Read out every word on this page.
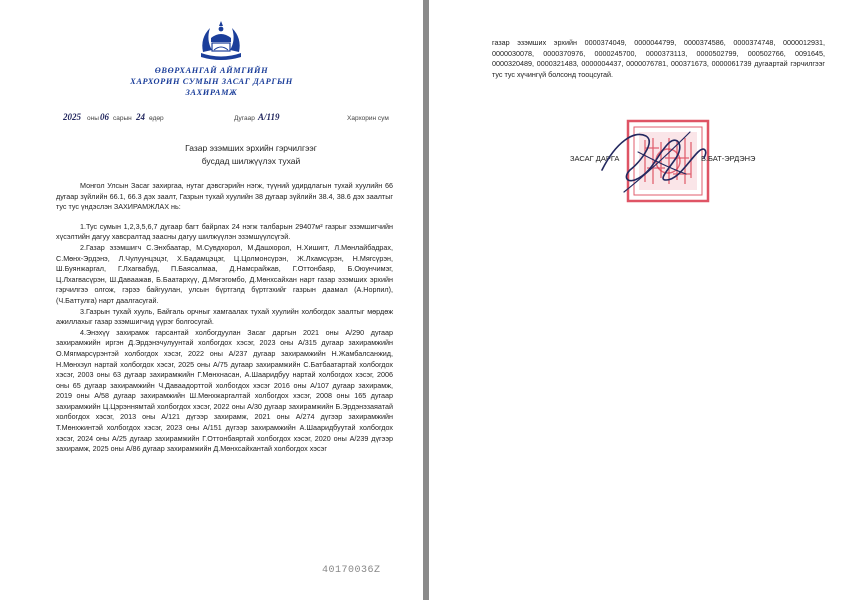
ӨВӨРХАНГАЙ АЙМГИЙН
ХАРХОРИН СУМЫН ЗАСАГ ДАРГЫН
ЗАХИРАМЖ
2025 оны 06 сарын 24 өдөр	Дугаар А/119	Хархорин сум
Газар эзэмших эрхийн гэрчилгээг
бусдад шилжүүлэх тухай

Монгол Улсын Засаг захиргаа, нутаг дэвсгэрийн нэгж, түүний удирдлагын тухай хуулийн 66 дугаар зүйлийн 66.1, 66.3 дэх заалт, Газрын тухай хуулийн 38 дугаар зүйлийн 38.4, 38.6 дэх заалтыг тус тус үндэслэн ЗАХИРАМЖЛАХ нь:

1.Тус сумын 1,2,3,5,6,7 дугаар багт байрлах 24 нэгж талбарын 29407м² газрыг эзэмшигчийн хүсэлтийн дагуу хавсралтад заасны дагуу шилжүүлэн эзэмшүүлсүгэй.

2.Газар эзэмшигч С.Энхбаатар, М.Сувдхорол, М.Дашхорол, Н.Хишигт, Л.Мөнлайбадрах, С.Мөнх-Эрдэнэ, Л.Чулуунцэцэг, Х.Бадамцэцэг, Ц.Цолмонсүрэн, Ж.Лхамсүрэн, Н.Мягсүрэн, Ш.Буянжаргал, Г.Лхагвабуд, П.Баясалмаа, Д.Намсрайжав, Г.Оттонбаяр, Б.Оюунчимэг, Ц.Лхагвасүрэн, Ш.Даваажав, Б.Баатархүү, Д.Мягэгомбо, Д.Мөнхсайхан нарт газар эзэмших эрхийн гэрчилгээ олгож, гэрээ байгуулан, улсын бүртгэлд бүртгэхийг газрын даамал (А.Норпил), (Ч.Баттулга) нарт даалгасугай.

3.Газрын тухай хууль, Байгаль орчныг хамгаалах тухай хуулийн холбогдох заалтыг мөрдөж ажиллахыг газар эзэмшигчид үүрэг болгосугай.

4.Энэхүү захирамж гарсантай холбогдуулан Засаг даргын 2021 оны А/290 дугаар захирамжийн иргэн Д.Эрдэнэчулуунтай холбогдох хэсэг, 2023 оны А/315 дугаар захирамжийн О.Мягмарсүрэнтэй холбогдох хэсэг, 2022 оны А/237 дугаар захирамжийн Н.Жамбалсанжид, Н.Мөнхзул нартай холбогдох хэсэг, 2025 оны А/75 дугаар захирамжийн С.Батбаатартай холбогдох хэсэг, 2003 оны 63 дугаар захирамжийн Г.Мөнхнасан, А.Шааридбуу нартай холбогдох хэсэг, 2006 оны 65 дугаар захирамжийн Ч.Даваадорттой холбогдох хэсэг 2016 оны А/107 дугаар захирамж, 2019 оны А/58 дугаар захирамжийн Ш.Мөнхжаргалтай холбогдох хэсэг, 2008 оны 165 дугаар захирамжийн Ц.Цэрэннямтай холбогдох хэсэг, 2022 оны А/30 дугаар захирамжийн Б.Эрдэнэзаяатай холбогдох хэсэг, 2013 оны А/121 дүгээр захирамж, 2021 оны А/274 дүгээр захирамжийн Т.Мөнхжинтэй холбогдох хэсэг, 2023 оны А/151 дүгээр захирамжийн А.Шааридбуутай холбогдох хэсэг, 2024 оны А/25 дугаар захирамжийн Г.Оттонбаяртай холбогдох хэсэг, 2020 оны А/239 дүгээр захирамж, 2025 оны А/86 дугаар захирамжийн Д.Мөнхсайхантай холбогдох хэсэг

40170036Z
газар эзэмших эрхийн 0000374049, 0000044799, 0000374586, 0000374748, 0000012931, 0000030078, 0000370976, 0000245700, 0000373113, 0000502799, 000502766, 0091645, 0000320489, 0000321483, 0000004437, 0000076781, 000371673, 0000061739 дугаартай гэрчилгээг тус тус хүчингүй болсонд тооцсугай.
ЗАСАГ ДАРГА	Б.БАТ-ЭРДЭНЭ
